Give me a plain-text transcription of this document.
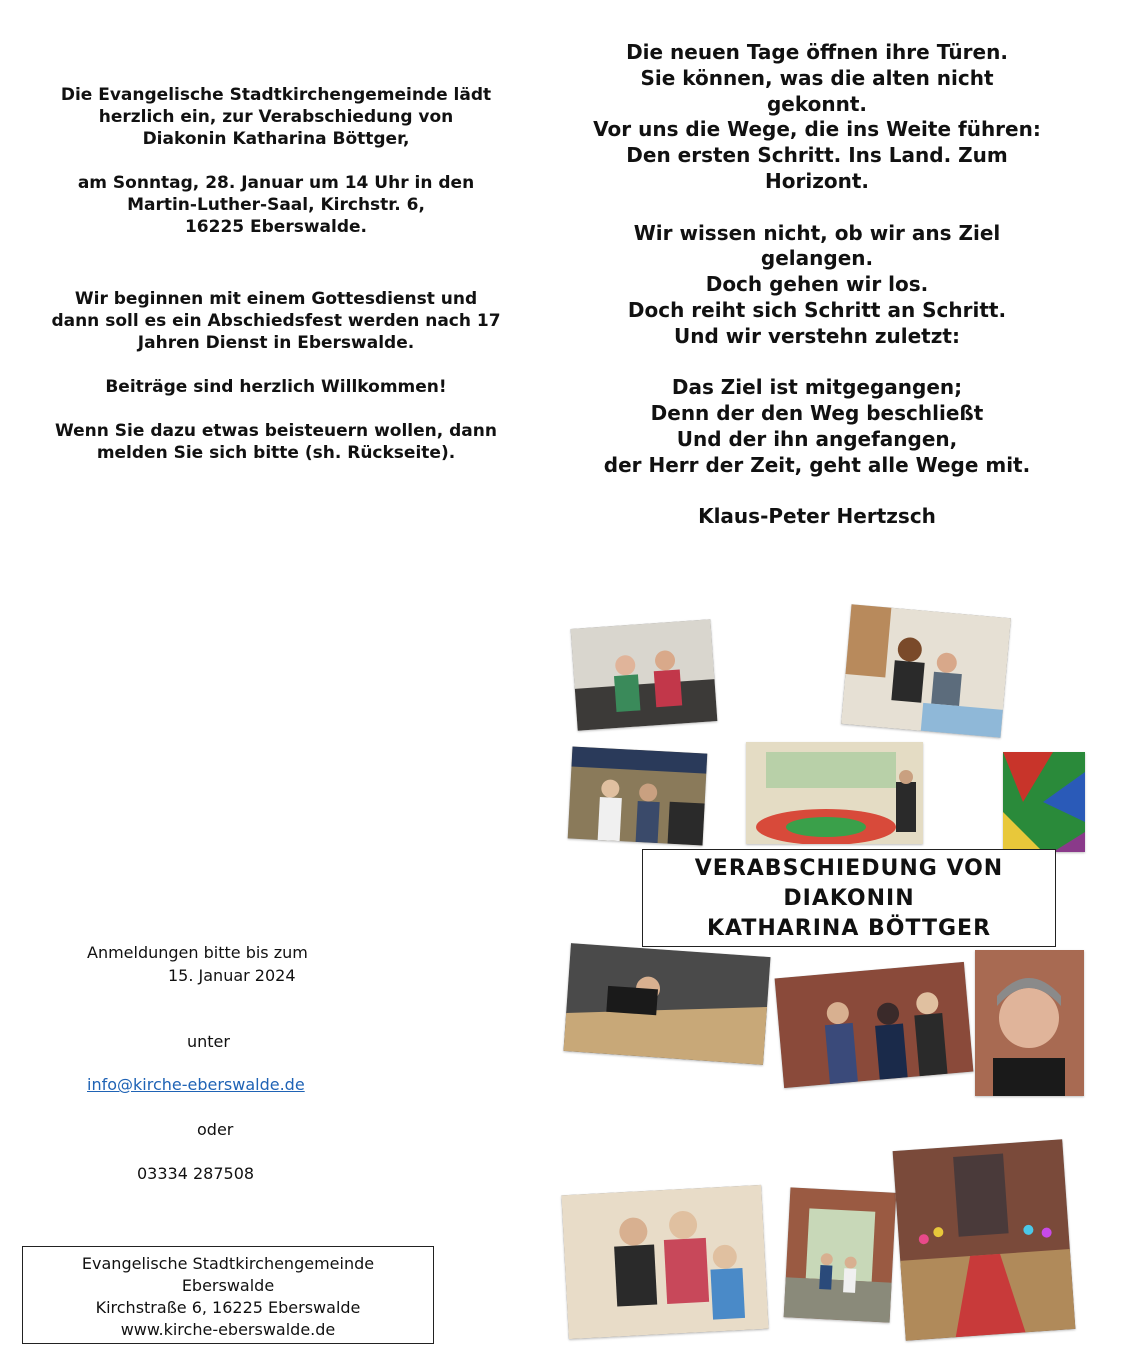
Die Evangelische Stadtkirchengemeinde lädt
herzlich ein, zur Verabschiedung von
Diakonin Katharina Böttger,

am Sonntag, 28. Januar um 14 Uhr in den
Martin-Luther-Saal, Kirchstr. 6,
16225 Eberswalde.

Wir beginnen mit einem Gottesdienst und
dann soll es ein Abschiedsfest werden nach 17
Jahren Dienst in Eberswalde.

Beiträge sind herzlich Willkommen!

Wenn Sie dazu etwas beisteuern wollen, dann
melden Sie sich bitte (sh. Rückseite).

Die neuen Tage öffnen ihre Türen.
Sie können, was die alten nicht
gekonnt.
Vor uns die Wege, die ins Weite führen:
Den ersten Schritt. Ins Land. Zum
Horizont.

Wir wissen nicht, ob wir ans Ziel
gelangen.
Doch gehen wir los.
Doch reiht sich Schritt an Schritt.
Und wir verstehn zuletzt:

Das Ziel ist mitgegangen;
Denn der den Weg beschließt
Und der ihn angefangen,
der Herr der Zeit, geht alle Wege mit.

Klaus-Peter Hertzsch

Anmeldungen bitte bis zum
15. Januar 2024
unter
info@kirche-eberswalde.de
oder
03334 287508
Evangelische Stadtkirchengemeinde
Eberswalde
Kirchstraße 6, 16225 Eberswalde
www.kirche-eberswalde.de
VERABSCHIEDUNG VON
DIAKONIN
KATHARINA BÖTTGER
